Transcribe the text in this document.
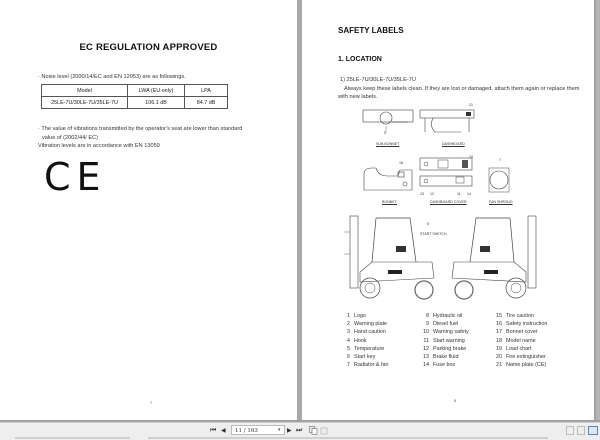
EC REGULATION APPROVED
· Noise level (2000/14/EC and EN 12053) are as followings.
Model	LWA (EU only)	LPA
25LE-7U/30LE-7U/35LE-7U	106.1 dB	84.7 dB
· The value of vibrations transmitted by the operator's seat are lower than standard
value of (2002/44/ EC)
Vibration levels are in accordance with EN 13059
CE
7
SAFETY LABELS
1. LOCATION
1) 25LE-7U/30LE-7U/35LE-7U
Always keep these labels clean. If they are lost or damaged, attach them again or replace them with new labels.
5
SUB BONNET
21
DASHBOARD
16
BONNET
19
13 12	11 14
DASHBOARD COVER
7
FAN SHROUD
START SWITCH
6
1 Logo
2 Warning plate
3 Hand caution
4 Hook
5 Temperature
6 Start key
7 Radiator & fan
8 Hydraulic oil
9 Diesel fuel
10 Warning safety
11 Start warning
12 Parking brake
13 Brake fluid
14 Fuse box
15 Tire caution
16 Safety instruction
17 Bonnet cover
18 Model name
19 Load chart
20 Fire extinguisher
21 Name plate (CE)
8
⏮ ◀	11 / 163	▾ ▶ ⏭
